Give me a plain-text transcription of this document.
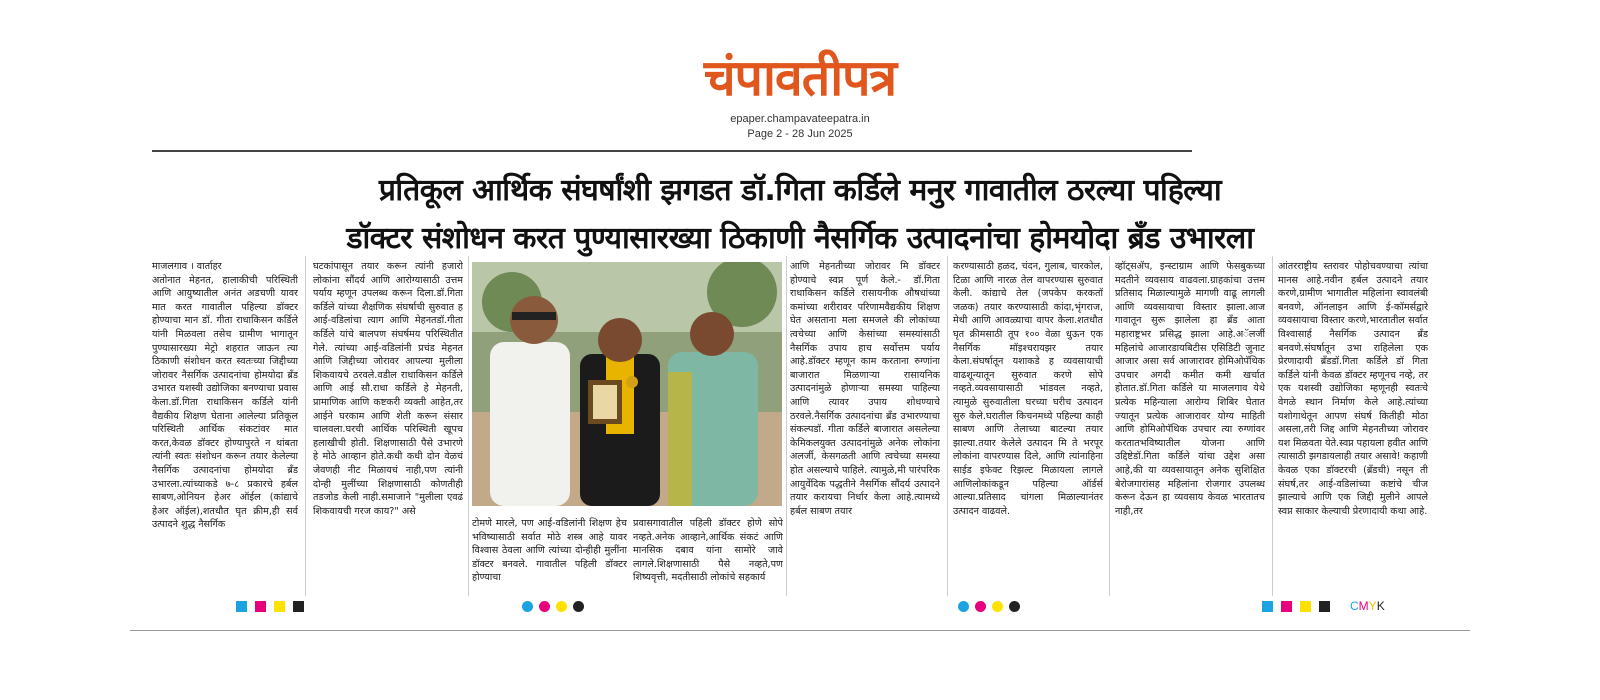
चंपावतीपत्र
epaper.champavateepatra.in
Page 2 - 28 Jun 2025
प्रतिकूल आर्थिक संघर्षांशी झगडत डॉ.गिता कर्डिले मनुर गावातील ठरल्या पहिल्या
डॉक्टर संशोधन करत पुण्यासारख्या ठिकाणी नैसर्गिक उत्पादनांचा होमयोदा ब्रँड उभारला
माजलगाव । वार्ताहर
अतोनात मेहनत, हालाकीची परिस्थिती आणि आयुष्यातील अनंत अडचणी यावर मात करत गावातील पहिल्या डॉक्टर होण्याचा मान डॉ. गीता राधाकिसन कर्डिले यांनी मिळवला तसेच ग्रामीण भागातून पुण्यासारख्या मेट्रो शहरात जाऊन त्या ठिकाणी संशोधन करत स्वतःच्या जिद्दीच्या जोरावर नैसर्गिक उत्पादनांचा होमयोदा ब्रँड उभारत यशस्वी उद्योजिका बनण्याचा प्रवास केला.डॉ.गिता राधाकिसन कर्डिले यांनी वैद्यकीय शिक्षण घेताना आलेल्या प्रतिकूल परिस्थिती आर्थिक संकटांवर मात करत,केवळ डॉक्टर होण्यापुरते न थांबता त्यांनी स्वतः संशोधन करून तयार केलेल्या नैसर्गिक उत्पादनांचा होमयोदा ब्रँड उभारला.त्यांच्याकडे ७-८ प्रकारचे हर्बल साबण,ओनियन हेअर ऑईल (कांद्याचे हेअर ऑईल),शतधौत घृत क्रीम,ही सर्व उत्पादने शुद्ध नैसर्गिक
घटकांपासून तयार करून त्यांनी हजारो लोकांना सौंदर्य आणि आरोग्यासाठी उत्तम पर्याय म्हणून उपलब्ध करून दिला.डॉ.गिता कर्डिले यांच्या शैक्षणिक संघर्षाची सुरुवात ह आई-वडिलांचा त्याग आणि मेहनतडॉ.गीता कर्डिले यांचे बालपण संघर्षमय परिस्थितीत गेले. त्यांच्या आई-वडिलांनी प्रचंड मेहनत आणि जिद्दीच्या जोरावर आपल्या मुलीला शिकवायचे ठरवले.वडील राधाकिसन कर्डिले आणि आई सौ.राधा कर्डिले हे मेहनती, प्रामाणिक आणि कष्टकरी व्यक्ती आहेत,तर आईने घरकाम आणि शेती करून संसार चालवला.घरची आर्थिक परिस्थिती खूपच हलाखीची होती. शिक्षणासाठी पैसे उभारणे हे मोठे आव्हान होते.कधी कधी दोन वेळचं जेवणही नीट मिळायचं नाही,पण त्यांनी दोन्ही मुलींच्या शिक्षणासाठी कोणतीही तडजोड केली नाही.समाजाने "मुलीला एवढं शिकवायची गरज काय?" असे
टोमणे मारले, पण आई-वडिलांनी शिक्षण हेच भविष्यासाठी सर्वात मोठे शस्त्र आहे यावर विश्वास ठेवला आणि त्यांच्या दोन्हीही मुलींना डॉक्टर बनवले. गावातील पहिली डॉक्टर होण्याचा
प्रवासगावातील पहिली डॉक्टर होणे सोपे नव्हते.अनेक आव्हाने,आर्थिक संकटं आणि मानसिक दबाव यांना सामोरे जावे लागले.शिक्षणासाठी पैसे नव्हते,पण शिष्यवृत्ती, मदतीसाठी लोकांचे सहकार्य
आणि मेहनतीच्या जोरावर मि डॉक्टर होण्याचे स्वप्न पूर्ण केले.- डॉ.गिता राधाकिसन कर्डिले रासायनीक औषधांच्या कमांच्या शरीरावर परिणामवैद्यकीय शिक्षण घेत असताना मला समजले की लोकांच्या त्वचेच्या आणि केसांच्या समस्यांसाठी नैसर्गिक उपाय हाच सर्वोत्तम पर्याय आहे.डॉक्टर म्हणून काम करताना रुग्णांना बाजारात मिळणाऱ्या रासायनिक उत्पादनांमुळे होणाऱ्या समस्या पाहिल्या आणि त्यावर उपाय शोधण्याचे ठरवले.नैसर्गिक उत्पादनांचा ब्रँड उभारण्याचा संकल्पडॉ. गीता कर्डिले बाजारात असलेल्या केमिकलयुक्त उत्पादनांमुळे अनेक लोकांना अलर्जी, केसगळती आणि त्वचेच्या समस्या होत असल्याचे पाहिले. त्यामुळे,मी पारंपरिक आयुर्वेदिक पद्धतीने नैसर्गिक सौंदर्य उत्पादने तयार करायचा निर्धार केला आहे.त्यामध्ये हर्बल साबण तयार
करण्यासाठी हळद, चंदन, गुलाब, चारकोल, टिळा आणि नारळ तेल वापरण्यास सुरुवात केली. कांद्याचे तेल (जपकेप करकतॉ जळक) तयार करण्यासाठी कांदा,भृंगराज, मेथी आणि आवळ्याचा वापर केला.शतधौत घृत क्रीमसाठी तूप १०० वेळा धुऊन एक नैसर्गिक मॉइश्चरायझर तयार केला.संघर्षातून यशाकडे ह व्यवसायाची वाढशून्यातून सुरुवात करणे सोपे नव्हते.व्यवसायासाठी भांडवल नव्हते, त्यामुळे सुरुवातीला घरच्या घरीच उत्पादन सुरु केले.घरातील किचनमध्ये पहिल्या काही साबण आणि तेलाच्या बाटल्या तयार झाल्या.तयार केलेले उत्पादन मि ते भरपूर लोकांना वापरण्यास दिले, आणि त्यांनाहिना साईड इफेक्ट रिझल्ट मिळायला लागले आणिलोकांकडून पहिल्या ऑर्डर्स आल्या.प्रतिसाद चांगला मिळाल्यानंतर उत्पादन वाढवले.
व्हॉट्सॲप, इन्स्टाग्राम आणि फेसबुकच्या मदतीने व्यवसाय वाढवला.ग्राहकांचा उत्तम प्रतिसाद मिळाल्यामुळे मागणी वाढू लागली आणि व्यवसायाचा विस्तार झाला.आज गावातून सुरू झालेला हा ब्रँड आता महाराष्ट्रभर प्रसिद्ध झाला आहे.अॅलर्जी महिलांचे आजारडायबिटीस एसिडिटी जुनाट आजार असा सर्व आजारावर होमिओपॅथिक उपचार अगदी कमीत कमी खर्चात होतात.डॉ.गिता कर्डिले या माजलगाव येथे प्रत्येक महिन्याला आरोग्य शिबिर घेतात ज्यातून प्रत्येक आजारावर योग्य माहिती आणि होमिओपॅथिक उपचार त्या रुग्णांवर करतातभविष्यातील योजना आणि उद्दिष्टेडॉ.गिता कर्डिले यांचा उद्देश असा आहे,की या व्यवसायातून अनेक सुशिक्षित बेरोजगारांसह महिलांना रोजगार उपलब्ध करून देऊन हा व्यवसाय केवळ भारतातच नाही,तर
आंतरराष्ट्रीय स्तरावर पोहोचवण्याचा त्यांचा मानस आहे.नवीन हर्बल उत्पादने तयार करणे,ग्रामीण भागातील महिलांना स्वावलंबी बनवणे, ऑनलाइन आणि ई-कॉमर्सद्वारे व्यवसायाचा विस्तार करणे,भारतातील सर्वात विश्वासार्ह नैसर्गिक उत्पादन ब्रँड बनवणे.संघर्षातून उभा राहिलेला एक प्रेरणादायी ब्रँडडॉ.गिता कर्डिले डॉ गिता कर्डिले यांनी केवळ डॉक्टर म्हणूनच नव्हे, तर एक यशस्वी उद्योजिका म्हणूनही स्वतःचे वेगळे स्थान निर्माण केले आहे.त्यांच्या यशोगाथेतून आपण संघर्ष कितीही मोठा असला,तरी जिद्द आणि मेहनतीच्या जोरावर यश मिळवता येते.स्वप्न पहायला हवीत आणि त्यासाठी झगडायलाही तयार असावे! कहाणी केवळ एका डॉक्टरची (ब्रँडची) नसून ती संघर्ष,तर आई-वडिलांच्या कष्टांचे चीज झाल्याचे आणि एक जिद्दी मुलीने आपले स्वप्न साकार केल्याची प्रेरणादायी कथा आहे.
CMYK
